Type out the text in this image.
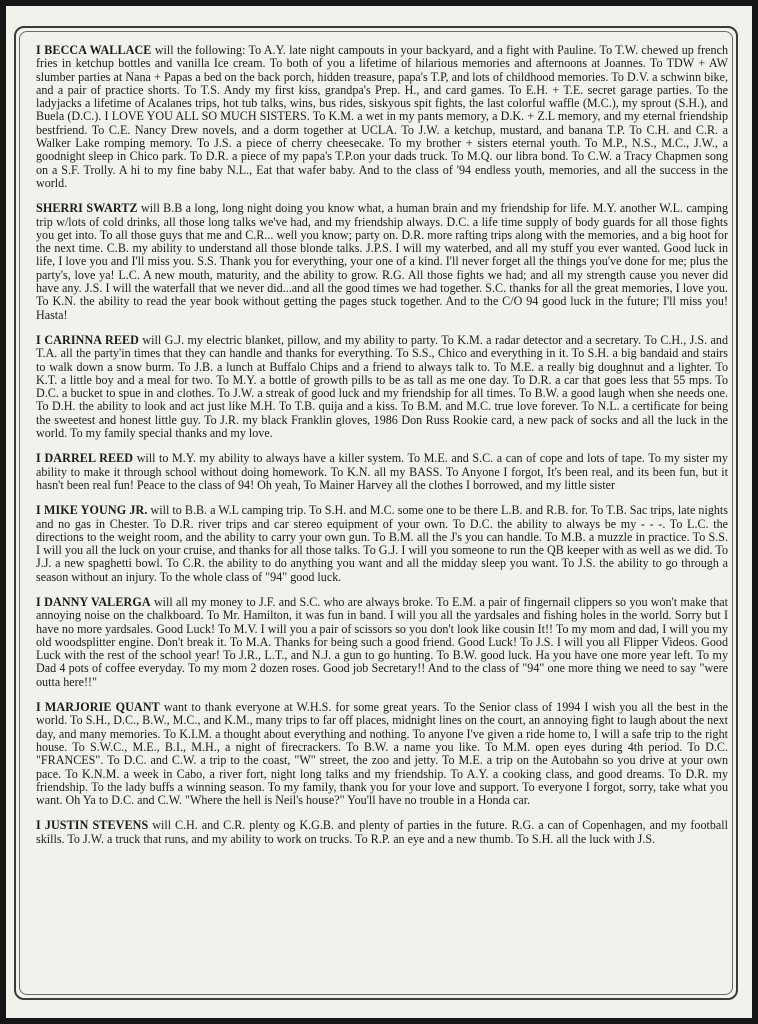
I BECCA WALLACE will the following: To A.Y. late night campouts in your backyard, and a fight with Pauline. To T.W. chewed up french fries in ketchup bottles and vanilla Ice cream. To both of you a lifetime of hilarious memories and afternoons at Joannes. To TDW + AW slumber parties at Nana + Papas a bed on the back porch, hidden treasure, papa's T.P, and lots of childhood memories. To D.V. a schwinn bike, and a pair of practice shorts. To T.S. Andy my first kiss, grandpa's Prep. H., and card games. To E.H. + T.E. secret garage parties. To the ladyjacks a lifetime of Acalanes trips, hot tub talks, wins, bus rides, siskyous spit fights, the last colorful waffle (M.C.), my sprout (S.H.), and Buela (D.C.). I LOVE YOU ALL SO MUCH SISTERS. To K.M. a wet in my pants memory, a D.K. + Z.L memory, and my eternal friendship bestfriend. To C.E. Nancy Drew novels, and a dorm together at UCLA. To J.W. a ketchup, mustard, and banana T.P. To C.H. and C.R. a Walker Lake romping memory. To J.S. a piece of cherry cheesecake. To my brother + sisters eternal youth. To M.P., N.S., M.C., J.W., a goodnight sleep in Chico park. To D.R. a piece of my papa's T.P.on your dads truck. To M.Q. our libra bond. To C.W. a Tracy Chapmen song on a S.F. Trolly. A hi to my fine baby N.L., Eat that wafer baby. And to the class of '94 endless youth, memories, and all the success in the world.

SHERRI SWARTZ will B.B a long, long night doing you know what, a human brain and my friendship for life. M.Y. another W.L. camping trip w/lots of cold drinks, all those long talks we've had, and my friendship always. D.C. a life time supply of body guards for all those fights you get into. To all those guys that me and C.R... well you know; party on. D.R. more rafting trips along with the memories, and a big hoot for the next time. C.B. my ability to understand all those blonde talks. J.P.S. I will my waterbed, and all my stuff you ever wanted. Good luck in life, I love you and I'll miss you. S.S. Thank you for everything, your one of a kind. I'll never forget all the things you've done for me; plus the party's, love ya! L.C. A new mouth, maturity, and the ability to grow. R.G. All those fights we had; and all my strength cause you never did have any. J.S. I will the waterfall that we never did...and all the good times we had together. S.C. thanks for all the great memories, I love you. To K.N. the ability to read the year book without getting the pages stuck together. And to the C/O 94 good luck in the future; I'll miss you! Hasta!

I CARINNA REED will G.J. my electric blanket, pillow, and my ability to party. To K.M. a radar detector and a secretary. To C.H., J.S. and T.A. all the party'in times that they can handle and thanks for everything. To S.S., Chico and everything in it. To S.H. a big bandaid and stairs to walk down a snow burm. To J.B. a lunch at Buffalo Chips and a friend to always talk to. To M.E. a really big doughnut and a lighter. To K.T. a little boy and a meal for two. To M.Y. a bottle of growth pills to be as tall as me one day. To D.R. a car that goes less that 55 mps. To D.C. a bucket to spue in and clothes. To J.W. a streak of good luck and my friendship for all times. To B.W. a good laugh when she needs one. To D.H. the ability to look and act just like M.H. To T.B. quija and a kiss. To B.M. and M.C. true love forever. To N.L. a certificate for being the sweetest and honest little guy. To J.R. my black Franklin gloves, 1986 Don Russ Rookie card, a new pack of socks and all the luck in the world. To my family special thanks and my love.

I DARREL REED will to M.Y. my ability to always have a killer system. To M.E. and S.C. a can of cope and lots of tape. To my sister my ability to make it through school without doing homework. To K.N. all my BASS. To Anyone I forgot, It's been real, and its been fun, but it hasn't been real fun! Peace to the class of 94! Oh yeah, To Mainer Harvey all the clothes I borrowed, and my little sister

I MIKE YOUNG JR. will to B.B. a W.L camping trip. To S.H. and M.C. some one to be there L.B. and R.B. for. To T.B. Sac trips, late nights and no gas in Chester. To D.R. river trips and car stereo equipment of your own. To D.C. the ability to always be my - - -. To L.C. the directions to the weight room, and the ability to carry your own gun. To B.M. all the J's you can handle. To M.B. a muzzle in practice. To S.S. I will you all the luck on your cruise, and thanks for all those talks. To G.J. I will you someone to run the QB keeper with as well as we did. To J.J. a new spaghetti bowl. To C.R. the ability to do anything you want and all the midday sleep you want. To J.S. the ability to go through a season without an injury. To the whole class of "94" good luck.

I DANNY VALERGA will all my money to J.F. and S.C. who are always broke. To E.M. a pair of fingernail clippers so you won't make that annoying noise on the chalkboard. To Mr. Hamilton, it was fun in band. I will you all the yardsales and fishing holes in the world. Sorry but I have no more yardsales. Good Luck! To M.V. I will you a pair of scissors so you don't look like cousin It!! To my mom and dad, I will you my old woodsplitter engine. Don't break it. To M.A. Thanks for being such a good friend. Good Luck! To J.S. I will you all Flipper Videos. Good Luck with the rest of the school year! To J.R., L.T., and N.J. a gun to go hunting. To B.W. good luck. Ha you have one more year left. To my Dad 4 pots of coffee everyday. To my mom 2 dozen roses. Good job Secretary!! And to the class of "94" one more thing we need to say "were outta here!!"

I MARJORIE QUANT want to thank everyone at W.H.S. for some great years. To the Senior class of 1994 I wish you all the best in the world. To S.H., D.C., B.W., M.C., and K.M., many trips to far off places, midnight lines on the court, an annoying fight to laugh about the next day, and many memories. To K.I.M. a thought about everything and nothing. To anyone I've given a ride home to, I will a safe trip to the right house. To S.W.C., M.E., B.I., M.H., a night of firecrackers. To B.W. a name you like. To M.M. open eyes during 4th period. To D.C. "FRANCES". To D.C. and C.W. a trip to the coast, "W" street, the zoo and jetty. To M.E. a trip on the Autobahn so you drive at your own pace. To K.N.M. a week in Cabo, a river fort, night long talks and my friendship. To A.Y. a cooking class, and good dreams. To D.R. my friendship. To the lady buffs a winning season. To my family, thank you for your love and support. To everyone I forgot, sorry, take what you want. Oh Ya to D.C. and C.W. "Where the hell is Neil's house?" You'll have no trouble in a Honda car.

I JUSTIN STEVENS will C.H. and C.R. plenty og K.G.B. and plenty of parties in the future. R.G. a can of Copenhagen, and my football skills. To J.W. a truck that runs, and my ability to work on trucks. To R.P. an eye and a new thumb. To S.H. all the luck with J.S.
